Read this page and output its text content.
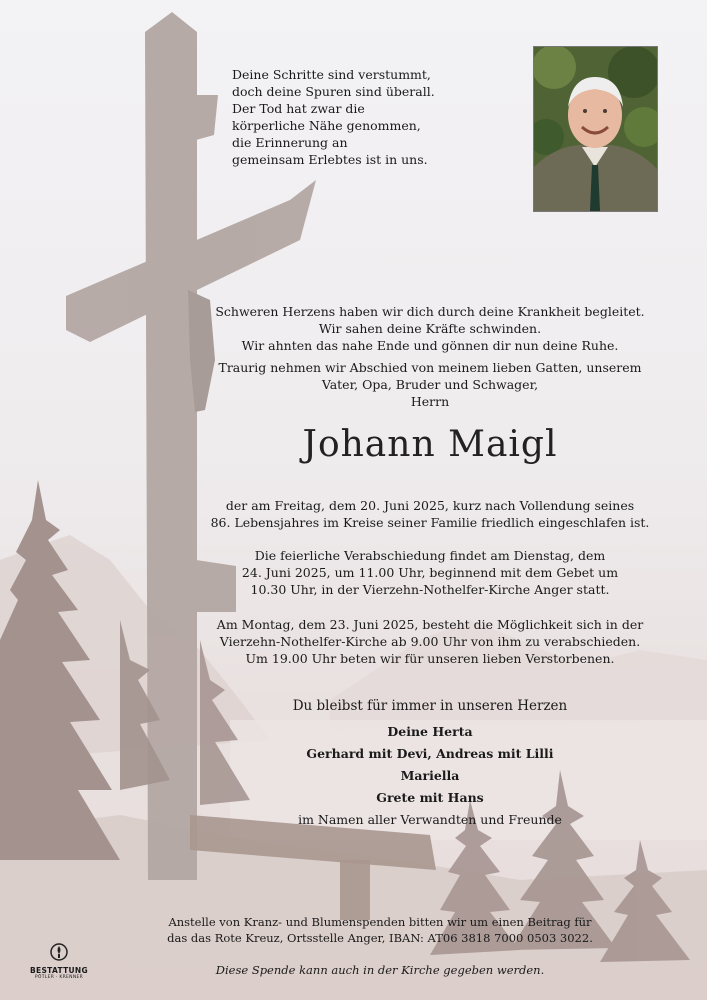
Deine Schritte sind verstummt,
doch deine Spuren sind überall.
Der Tod hat zwar die
körperliche Nähe genommen,
die Erinnerung an
gemeinsam Erlebtes ist in uns.
Schweren Herzens haben wir dich durch deine Krankheit begleitet.
Wir sahen deine Kräfte schwinden.
Wir ahnten das nahe Ende und gönnen dir nun deine Ruhe.
Traurig nehmen wir Abschied von meinem lieben Gatten, unserem
Vater, Opa, Bruder und Schwager,
Herrn
Johann Maigl
der am Freitag, dem 20. Juni 2025, kurz nach Vollendung seines
86. Lebensjahres im Kreise seiner Familie friedlich eingeschlafen ist.
Die feierliche Verabschiedung findet am Dienstag, dem
24. Juni 2025, um 11.00 Uhr, beginnend mit dem Gebet um
10.30 Uhr, in der Vierzehn-Nothelfer-Kirche Anger statt.
Am Montag, dem 23. Juni 2025, besteht die Möglichkeit sich in der
Vierzehn-Nothelfer-Kirche ab 9.00 Uhr von ihm zu verabschieden.
Um 19.00 Uhr beten wir für unseren lieben Verstorbenen.
Du bleibst für immer in unseren Herzen
Deine Herta
Gerhard mit Devi, Andreas mit Lilli
Mariella
Grete mit Hans
im Namen aller Verwandten und Freunde
Anstelle von Kranz- und Blumenspenden bitten wir um einen Beitrag für
das das Rote Kreuz, Ortsstelle Anger, IBAN: AT06 3818 7000 0503 3022.
Diese Spende kann auch in der Kirche gegeben werden.
BESTATTUNG
PÖTLER · KRENNER
